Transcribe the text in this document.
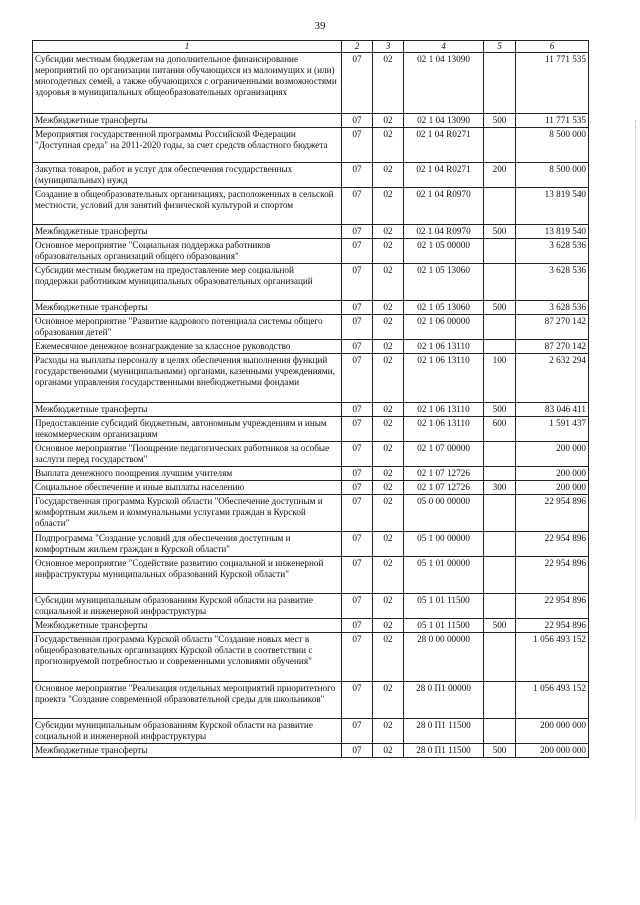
39
1	2	3	4	5	6
Субсидии местным бюджетам на дополнительное финансирование мероприятий по организации питания обучающихся из малоимущих и (или) многодетных семей, а также обучающихся с ограниченными возможностями здоровья в муниципальных общеобразовательных организациях	07	02	02 1 04 13090		11 771 535
Межбюджетные трансферты	07	02	02 1 04 13090	500	11 771 535
Мероприятия государственной программы Российской Федерации "Доступная среда" на 2011-2020 годы, за счет средств областного бюджета	07	02	02 1 04 R0271		8 500 000
Закупка товаров, работ и услуг для обеспечения государственных (муниципальных) нужд	07	02	02 1 04 R0271	200	8 500 000
Создание в общеобразовательных организациях, расположенных в сельской местности, условий для занятий физической культурой и спортом	07	02	02 1 04 R0970		13 819 540
Межбюджетные трансферты	07	02	02 1 04 R0970	500	13 819 540
Основное мероприятие "Социальная поддержка работников образовательных организаций общего образования"	07	02	02 1 05 00000		3 628 536
Субсидии местным бюджетам на предоставление мер социальной поддержки работникам муниципальных образовательных организаций	07	02	02 1 05 13060		3 628 536
Межбюджетные трансферты	07	02	02 1 05 13060	500	3 628 536
Основное мероприятие "Развитие кадрового потенциала системы общего образования детей"	07	02	02 1 06 00000		87 270 142
Ежемесячное денежное вознаграждение за классное руководство	07	02	02 1 06 13110		87 270 142
Расходы на выплаты персоналу в целях обеспечения выполнения функций государственными (муниципальными) органами, казенными учреждениями, органами управления государственными внебюджетными фондами	07	02	02 1 06 13110	100	2 632 294
Межбюджетные трансферты	07	02	02 1 06 13110	500	83 046 411
Предоставление субсидий бюджетным, автономным учреждениям и иным некоммерческим организациям	07	02	02 1 06 13110	600	1 591 437
Основное мероприятие "Поощрение педагогических работников за особые заслуги перед государством"	07	02	02 1 07 00000		200 000
Выплата денежного поощрения лучшим учителям	07	02	02 1 07 12726		200 000
Социальное обеспечение и иные выплаты населению	07	02	02 1 07 12726	300	200 000
Государственная программа Курской области "Обеспечение доступным и комфортным жильем и коммунальными услугами граждан в Курской области"	07	02	05 0 00 00000		22 954 896
Подпрограмма "Создание условий для обеспечения доступным и комфортным жильем граждан в Курской области"	07	02	05 1 00 00000		22 954 896
Основное мероприятие "Содействие развитию социальной и инженерной инфраструктуры муниципальных образований Курской области"	07	02	05 1 01 00000		22 954 896
Субсидии муниципальным образованиям Курской области на развитие социальной и инженерной инфраструктуры	07	02	05 1 01 11500		22 954 896
Межбюджетные трансферты	07	02	05 1 01 11500	500	22 954 896
Государственная программа Курской области "Создание новых мест в общеобразовательных организациях Курской области в соответствии с прогнозируемой потребностью и современными условиями обучения"	07	02	28 0 00 00000		1 056 493 152
Основное мероприятие "Реализация отдельных мероприятий приоритетного проекта "Создание современной образовательной среды для школьников"	07	02	28 0 П1 00000		1 056 493 152
Субсидии муниципальным образованиям Курской области на развитие социальной и инженерной инфраструктуры	07	02	28 0 П1 11500		200 000 000
Межбюджетные трансферты	07	02	28 0 П1 11500	500	200 000 000
